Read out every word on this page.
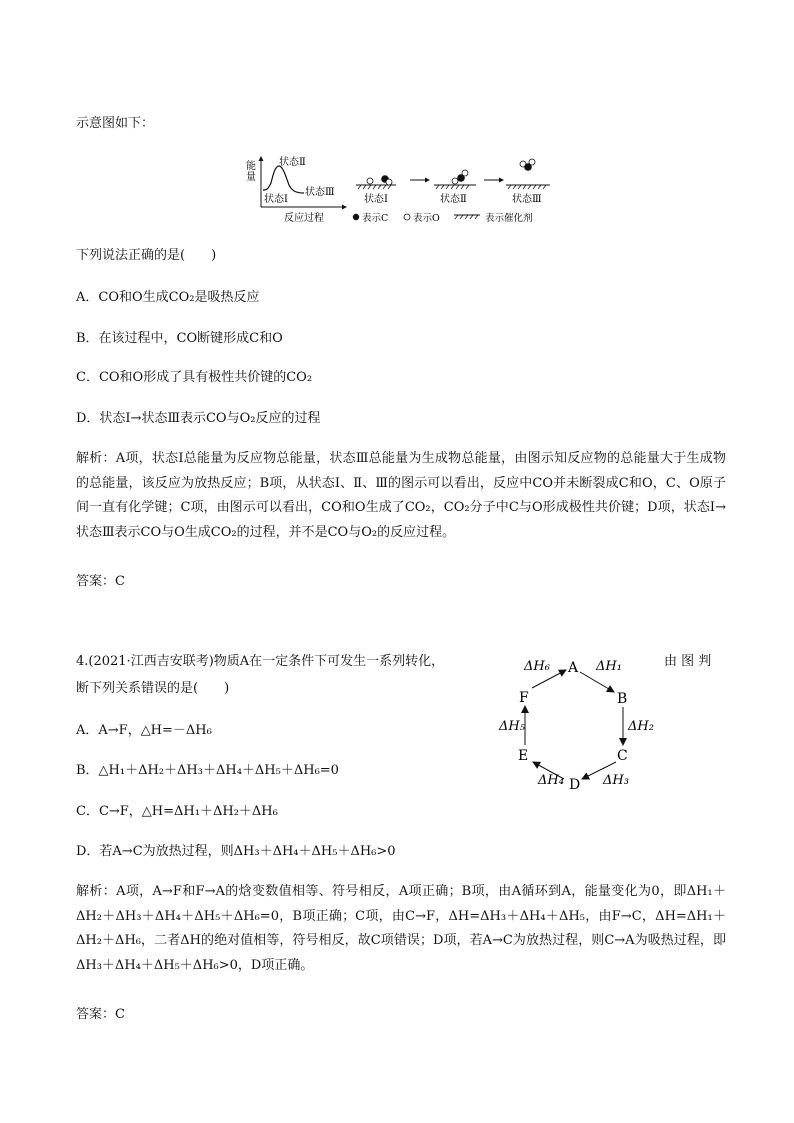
示意图如下：
能
量
状态Ⅱ
状态Ⅰ
状态Ⅲ
反应过程
状态Ⅰ	状态Ⅱ	状态Ⅲ
表示C	表示O	表示催化剂
下列说法正确的是(　　)
A．CO和O生成CO₂是吸热反应
B．在该过程中，CO断键形成C和O
C．CO和O形成了具有极性共价键的CO₂
D．状态Ⅰ→状态Ⅲ表示CO与O₂反应的过程
解析：A项，状态Ⅰ总能量为反应物总能量，状态Ⅲ总能量为生成物总能量，由图示知反应物的总能量大于生成物的总能量，该反应为放热反应；B项，从状态Ⅰ、Ⅱ、Ⅲ的图示可以看出，反应中CO并未断裂成C和O，C、O原子间一直有化学键；C项，由图示可以看出，CO和O生成了CO₂，CO₂分子中C与O形成极性共价键；D项，状态Ⅰ→状态Ⅲ表示CO与O生成CO₂的过程，并不是CO与O₂的反应过程。
答案：C
4.(2021·江西吉安联考)物质A在一定条件下可发生一系列转化，	由 图 判
断下列关系错误的是(　　)
A
B
C
D
E
F
ΔH₁
ΔH₂
ΔH₃
ΔH₄
ΔH₅
ΔH₆
A．A→F，△H=－ΔH₆
B．△H₁＋ΔH₂＋ΔH₃＋ΔH₄＋ΔH₅＋ΔH₆=0
C．C→F，△H=ΔH₁＋ΔH₂＋ΔH₆
D．若A→C为放热过程，则ΔH₃＋ΔH₄＋ΔH₅＋ΔH₆>0
解析：A项，A→F和F→A的焓变数值相等、符号相反，A项正确；B项，由A循环到A，能量变化为0，即ΔH₁＋ΔH₂＋ΔH₃＋ΔH₄＋ΔH₅＋ΔH₆=0，B项正确；C项，由C→F，ΔH=ΔH₃＋ΔH₄＋ΔH₅，由F→C，ΔH=ΔH₁＋ΔH₂＋ΔH₆，二者ΔH的绝对值相等，符号相反，故C项错误；D项，若A→C为放热过程，则C→A为吸热过程，即ΔH₃＋ΔH₄＋ΔH₅＋ΔH₆>0，D项正确。
答案：C
